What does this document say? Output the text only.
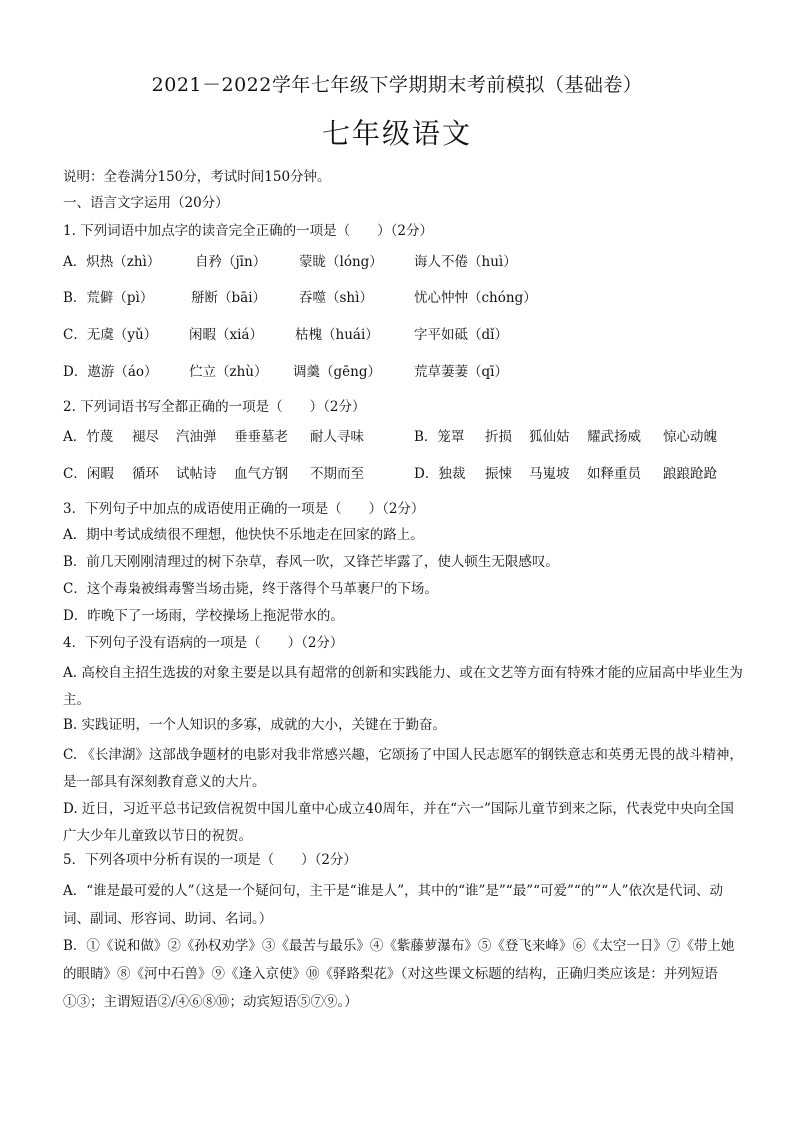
2021－2022学年七年级下学期期末考前模拟（基础卷）
七年级语文
说明：全卷满分150分，考试时间150分钟。
一、语言文字运用（20分）
1. 下列词语中加点字的读音完全正确的一项是（　　）（2分）
A．炽热（zhì）	自矜（jīn） 蒙眬（lóng） 诲人不倦（huì）
B．荒僻（pì）	掰断（bāi） 吞噬（shì）	忧心忡忡（chóng）
C．无虞（yǔ） 闲暇（xiá） 枯槐（huái）	字平如砥（dǐ）
D．遨游（áo） 伫立（zhù） 调羹（gēng） 荒草萋萋（qī）
2. 下列词语书写全都正确的一项是（　　）（2分）
A．竹蔑 褪尽 汽油弹 垂垂墓老 耐人寻味	B．笼罩 折损 狐仙姑 耀武扬威 惊心动魄
C．闲暇 循环 试帖诗 血气方钢 不期而至	D．独裁 振悚 马嵬坡 如释重员 踉踉跄跄
3．下列句子中加点的成语使用正确的一项是（　　）（2分）
A．期中考试成绩很不理想，他快快不乐地走在回家的路上。
B．前几天刚刚清理过的树下杂草，春风一吹，又锋芒毕露了，使人顿生无限感叹。
C．这个毒枭被缉毒警当场击毙，终于落得个马革裹尸的下场。
D．昨晚下了一场雨，学校操场上拖泥带水的。
4．下列句子没有语病的一项是（　　）（2分）
A. 高校自主招生选拔的对象主要是以具有超常的创新和实践能力、或在文艺等方面有特殊才能的应届高中毕业生为主。
B. 实践证明，一个人知识的多寡，成就的大小，关键在于勤奋。
C. 《长津湖》这部战争题材的电影对我非常感兴趣，它颂扬了中国人民志愿军的钢铁意志和英勇无畏的战斗精神，是一部具有深刻教育意义的大片。
D. 近日，习近平总书记致信祝贺中国儿童中心成立40周年，并在“六一”国际儿童节到来之际，代表党中央向全国广大少年儿童致以节日的祝贺。
5．下列各项中分析有误的一项是（　　）（2分）
A．“谁是最可爱的人”（这是一个疑问句，主干是“谁是人”，其中的“谁”是”“最”“可爱”“的”“人”依次是代词、动词、副词、形容词、助词、名词。）
B．①《说和做》②《孙权劝学》③《最苦与最乐》④《紫藤萝瀑布》⑤《登飞来峰》⑥《太空一日》⑦《带上她的眼睛》⑧《河中石兽》⑨《逢入京使》⑩《驿路梨花》（对这些课文标题的结构，正确归类应该是：并列短语①③；主谓短语②/④⑥⑧⑩；动宾短语⑤⑦⑨。）
